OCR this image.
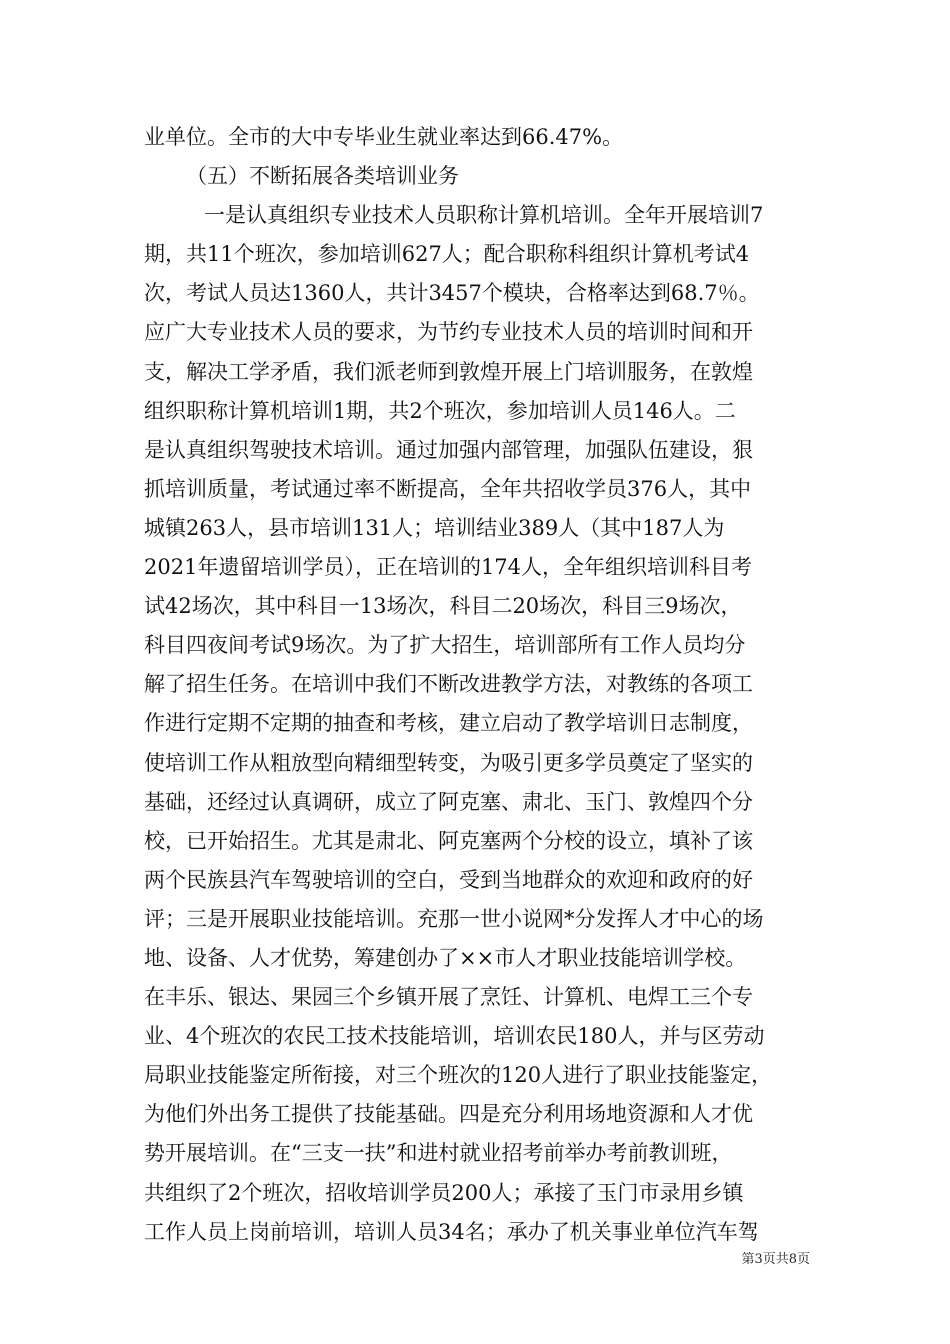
业单位。全市的大中专毕业生就业率达到66.47%。
（五）不断拓展各类培训业务
一是认真组织专业技术人员职称计算机培训。全年开展培训7
期，共11个班次，参加培训627人；配合职称科组织计算机考试4
次，考试人员达1360人，共计3457个模块，合格率达到68.7％。
应广大专业技术人员的要求，为节约专业技术人员的培训时间和开
支，解决工学矛盾，我们派老师到敦煌开展上门培训服务，在敦煌
组织职称计算机培训1期，共2个班次，参加培训人员146人。二
是认真组织驾驶技术培训。通过加强内部管理，加强队伍建设，狠
抓培训质量，考试通过率不断提高，全年共招收学员376人，其中
城镇263人，县市培训131人；培训结业389人（其中187人为
2021年遗留培训学员），正在培训的174人，全年组织培训科目考
试42场次，其中科目一13场次，科目二20场次，科目三9场次，
科目四夜间考试9场次。为了扩大招生，培训部所有工作人员均分
解了招生任务。在培训中我们不断改进教学方法，对教练的各项工
作进行定期不定期的抽查和考核，建立启动了教学培训日志制度，
使培训工作从粗放型向精细型转变，为吸引更多学员奠定了坚实的
基础，还经过认真调研，成立了阿克塞、肃北、玉门、敦煌四个分
校，已开始招生。尤其是肃北、阿克塞两个分校的设立，填补了该
两个民族县汽车驾驶培训的空白，受到当地群众的欢迎和政府的好
评；三是开展职业技能培训。充那一世小说网*分发挥人才中心的场
地、设备、人才优势，筹建创办了××市人才职业技能培训学校。
在丰乐、银达、果园三个乡镇开展了烹饪、计算机、电焊工三个专
业、4个班次的农民工技术技能培训，培训农民180人，并与区劳动
局职业技能鉴定所衔接，对三个班次的120人进行了职业技能鉴定，
为他们外出务工提供了技能基础。四是充分利用场地资源和人才优
势开展培训。在“三支一扶”和进村就业招考前举办考前教训班，
共组织了2个班次，招收培训学员200人；承接了玉门市录用乡镇
工作人员上岗前培训，培训人员34名；承办了机关事业单位汽车驾
第3页共8页
